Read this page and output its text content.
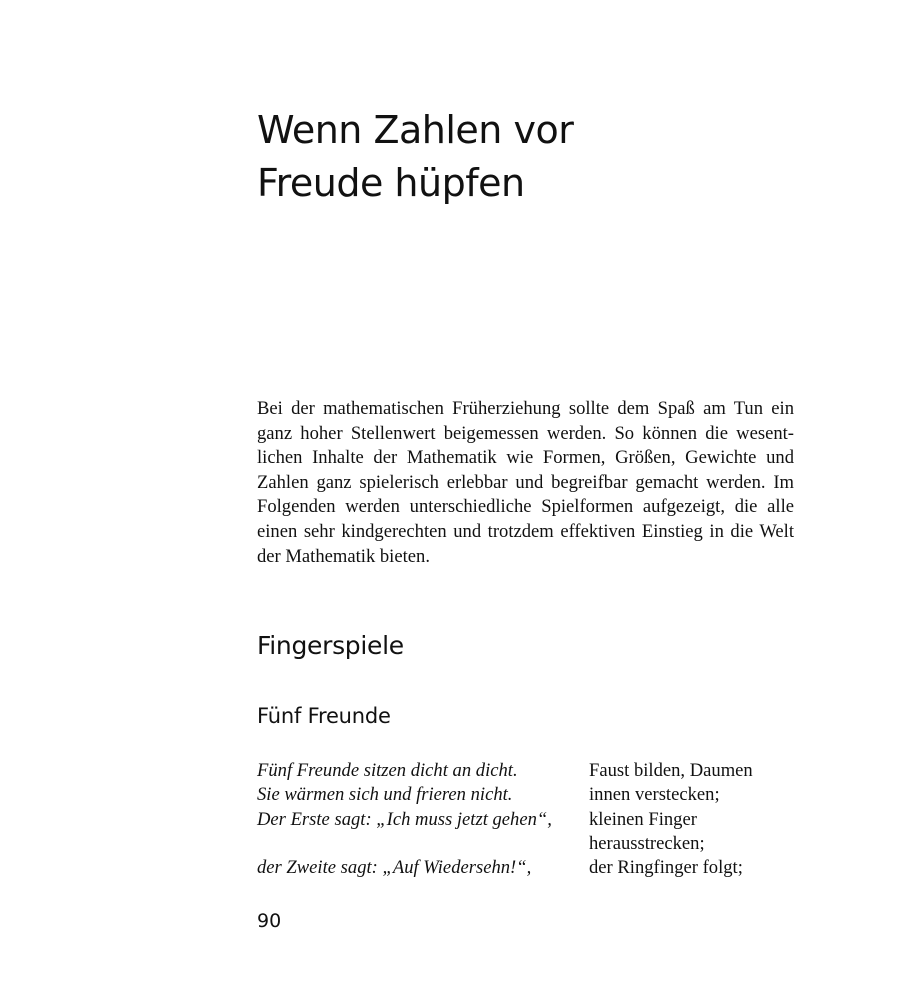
Wenn Zahlen vor
Freude hüpfen

Bei der mathematischen Früherziehung sollte dem Spaß am Tun ein ganz hoher Stellenwert beigemessen werden. So können die wesentlichen Inhalte der Mathematik wie Formen, Größen, Gewichte und Zahlen ganz spielerisch erlebbar und begreifbar gemacht werden. Im Folgenden werden unterschiedliche Spielformen aufgezeigt, die alle einen sehr kindgerechten und trotzdem effektiven Einstieg in die Welt der Mathematik bieten.

Fingerspiele
Fünf Freunde
Fünf Freunde sitzen dicht an dicht.	Faust bilden, Daumen
Sie wärmen sich und frieren nicht.	innen verstecken;
Der Erste sagt: „Ich muss jetzt gehen“,	kleinen Finger
herausstrecken;
der Zweite sagt: „Auf Wiedersehn!“,	der Ringfinger folgt;
90
